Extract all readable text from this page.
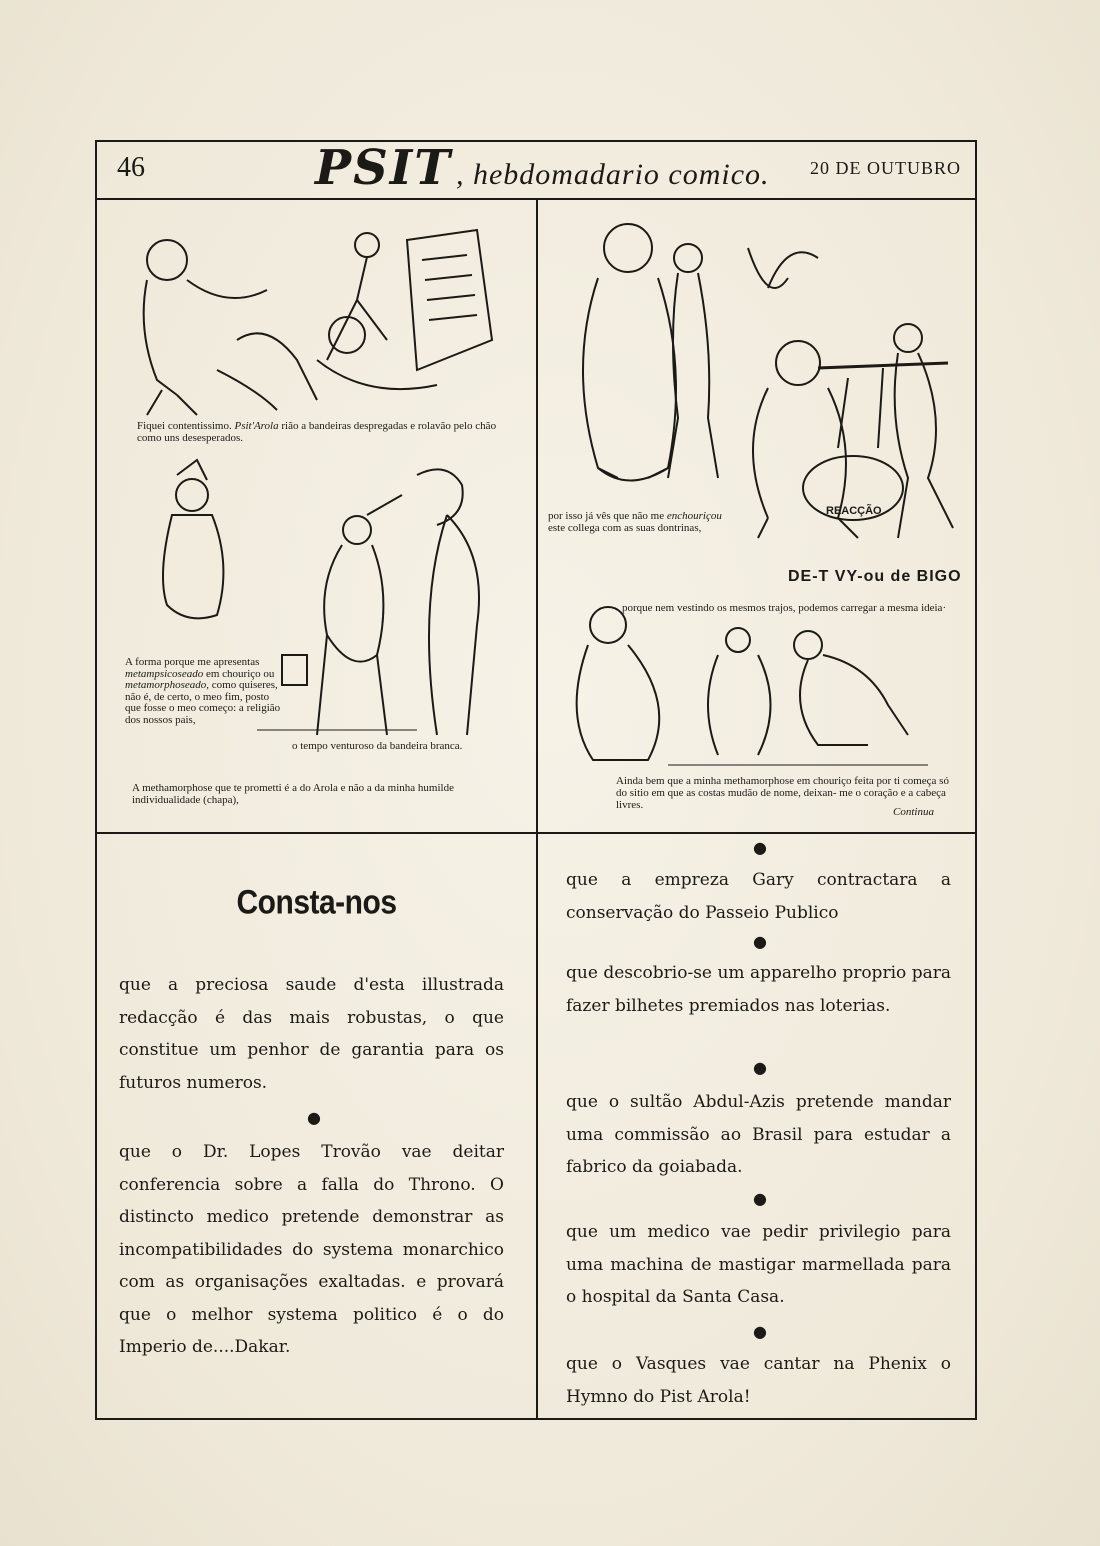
46	PSIT , hebdomadario comico. 20 DE OUTUBRO
Fiquei contentissimo. Psit'Arola rião a bandeiras despregadas e rolavão pelo chão como uns desesperados.
A forma porque me apresentas
metampsicoseado em chouriço ou
metamorphoseado, como quiseres,
não é, de certo, o meo fim, posto
que fosse o meo começo: a religião
dos nossos pais,
o tempo venturoso da bandeira branca.
A methamorphose que te prometti é a do Arola e não a da minha humilde individualidade (chapa),
REACÇÃO
por isso já vês que não me enchouriçou este collega com as suas dontrinas,
DE-T VY-ou de BIGO
porque nem vestindo os mesmos trajos, podemos carregar a mesma ideia·
Ainda bem que a minha methamorphose em chouriço feita por ti começa só do sitio em que as costas mudão de nome, deixan- me o coração e a cabeça livres.
Continua
Consta-nos
que a preciosa saude d'esta illustrada redacção é das mais robustas, o que constitue um penhor de garantia para os futuros numeros.
●
que o Dr. Lopes Trovão vae deitar conferencia sobre a falla do Throno. O distincto medico pretende demonstrar as incompatibilidades do systema monarchico com as organisações exaltadas. e provará que o melhor systema politico é o do Imperio de....Dakar.
●
que a empreza Gary contractara a conservação do Passeio Publico
●
que descobrio-se um apparelho proprio para fazer bilhetes premiados nas loterias.
●
que o sultão Abdul-Azis pretende mandar uma commissão ao Brasil para estudar a fabrico da goiabada.
●
que um medico vae pedir privilegio para uma machina de mastigar marmellada para o hospital da Santa Casa.
●
que o Vasques vae cantar na Phenix o Hymno do Pist Arola!
